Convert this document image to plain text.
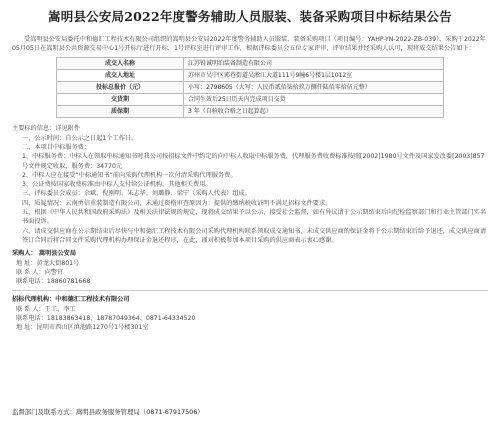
嵩明县公安局2022年度警务辅助人员服装、装备采购项目中标结果公告

受嵩明县公安局委托中和德汇工程技术有限公司组织的嵩明县公安局2022年度警务辅助人员服装、装备采购项目（项目编号：YAHP-YN-2022-ZB-039），采购于2022年05月05日在嵩明县公共资源交易中心1号开标厅进行开标，1号评标室进行评审工作，根据评标委员会五位专家评审，评审结果并经采购人认可，现将成交结果公告如下：

成交人名称	江苏锐诚明泊装备制造有限公司
成交人地址	苏州市吴中区郭巷街道吴淞江大道111号9幢6号楼1层1012室
投标总报价（元）	小写：2798605（大写：人民币贰佰柒拾玖万捌仟陆佰零拾伍元整）
交货期	合同生效后25日历天内完成项目交货
质保期	3 年（自验收合格之日起算起）

主要标的信息：详见附件

一、公示时间：自公示之日起1个工作日。

二、本项目中标服务费：

1、中标服务费：中标人在领取中标通知书时我公司按招标文件中约定的向中标人收取中标服务费，代理服务费收费标准按照[2002]1980号文件及国家发改委[2003]857号文件规定收取，服务费：34770元

2、中标人应在接受“中标通知书”前向采购代理机构一次付清采购代理服务费。

3、公证费按国家收费标准由中标人支付给公证机构，其他相关费用。

三、评标委员会成员：余斌、倪刚明、朱志华、刘璐静、梁宁（采购人代表）组成。

四、质疑情况：云南勇信重装制造有限公司，未通过资格审查原因为：提供的缴纳税收证明不满足招标文件要求。

五、根据《中华人民共和国政府采购法》及相关法律法规的规定，现将成交结果予以公示，接受社会监督，如有异议请于公示期结束后向纪检监察部门和行业主管部门实名书面投诉。

六、请成交供应商在公示期结束后尽快与中和德汇工程技术有限公司采购代理机构联系领取成交通知书，未成交供应商的保证金将于公示期结束后给予退还，成交供应商请签订合同后将合同文件采购代理机构办理保证金退还程序，在此，谨对积极参加本项目采购的供应商表示衷心感谢。

采购人： 嵩明县公安局
地 址：黄龙大街801号
联 系 人：向警官
联系电话：18860781668
招标代理机构：中和德汇工程技术有限公司
联 系 人：王工、李工
联系电话：18183863418、18787049364、0871-64334520
地 址：昆明市西山区滇池路1270号1号楼301室
监督部门及联系方式：嵩明县政务服务管理局（0871-67917506）
